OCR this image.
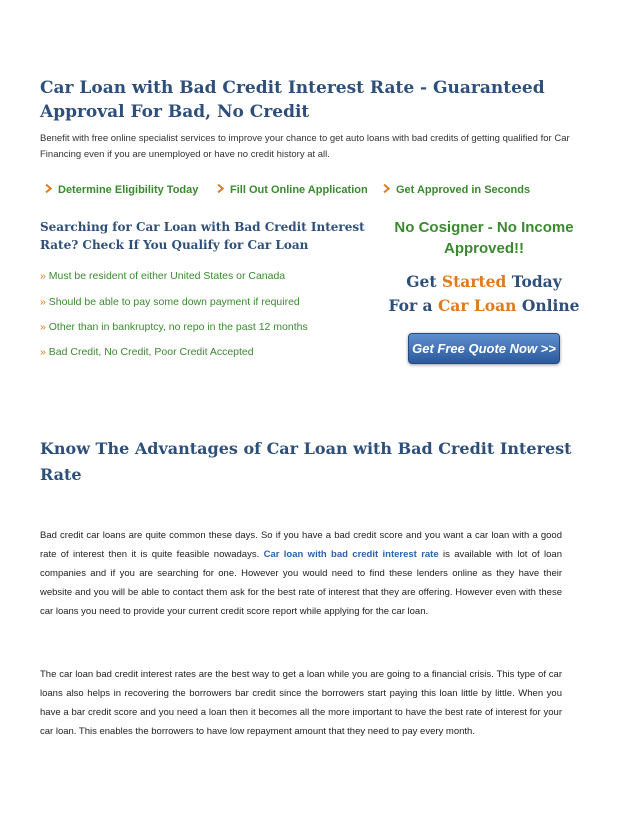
Car Loan with Bad Credit Interest Rate - Guaranteed Approval For Bad, No Credit

Benefit with free online specialist services to improve your chance to get auto loans with bad credits of getting qualified for Car Financing even if you are unemployed or have no credit history at all.

Determine Eligibility Today	Fill Out Online Application	Get Approved in Seconds
Searching for Car Loan with Bad Credit Interest Rate? Check If You Qualify for Car Loan

» Must be resident of either United States or Canada

» Should be able to pay some down payment if required

» Other than in bankruptcy, no repo in the past 12 months

» Bad Credit, No Credit, Poor Credit Accepted

No Cosigner - No Income Approved!!

Get Started Today
For a Car Loan Online

Get Free Quote Now >>
Know The Advantages of Car Loan with Bad Credit Interest Rate

Bad credit car loans are quite common these days. So if you have a bad credit score and you want a car loan with a good rate of interest then it is quite feasible nowadays. Car loan with bad credit interest rate is available with lot of loan companies and if you are searching for one. However you would need to find these lenders online as they have their website and you will be able to contact them ask for the best rate of interest that they are offering. However even with these car loans you need to provide your current credit score report while applying for the car loan.

The car loan bad credit interest rates are the best way to get a loan while you are going to a financial crisis. This type of car loans also helps in recovering the borrowers bar credit since the borrowers start paying this loan little by little. When you have a bar credit score and you need a loan then it becomes all the more important to have the best rate of interest for your car loan. This enables the borrowers to have low repayment amount that they need to pay every month.
